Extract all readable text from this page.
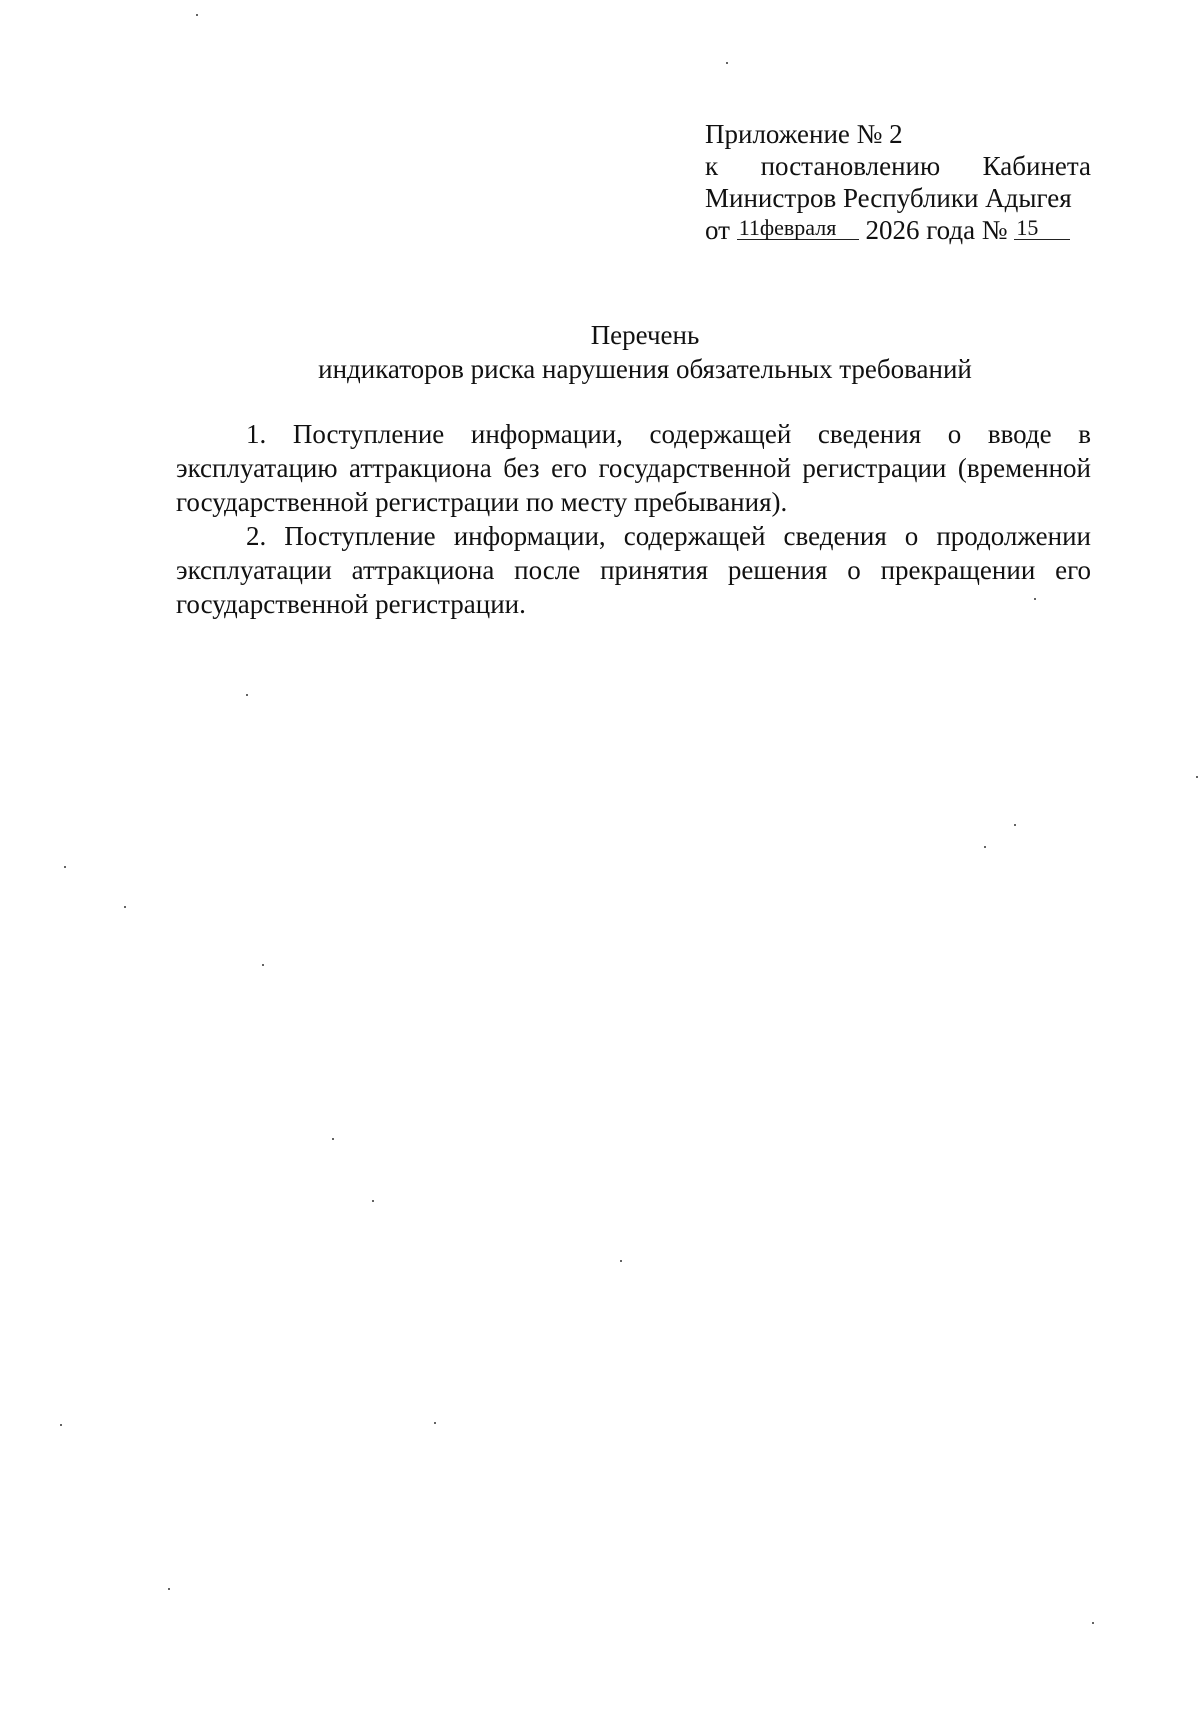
Приложение № 2
к постановлению Кабинета
Министров Республики Адыгея
от 11февраля 2026 года № 15
Перечень
индикаторов риска нарушения обязательных требований

1. Поступление информации, содержащей сведения о вводе в эксплуатацию аттракциона без его государственной регистрации (временной государственной регистрации по месту пребывания).

2. Поступление информации, содержащей сведения о продолжении эксплуатации аттракциона после принятия решения о прекращении его государственной регистрации.
